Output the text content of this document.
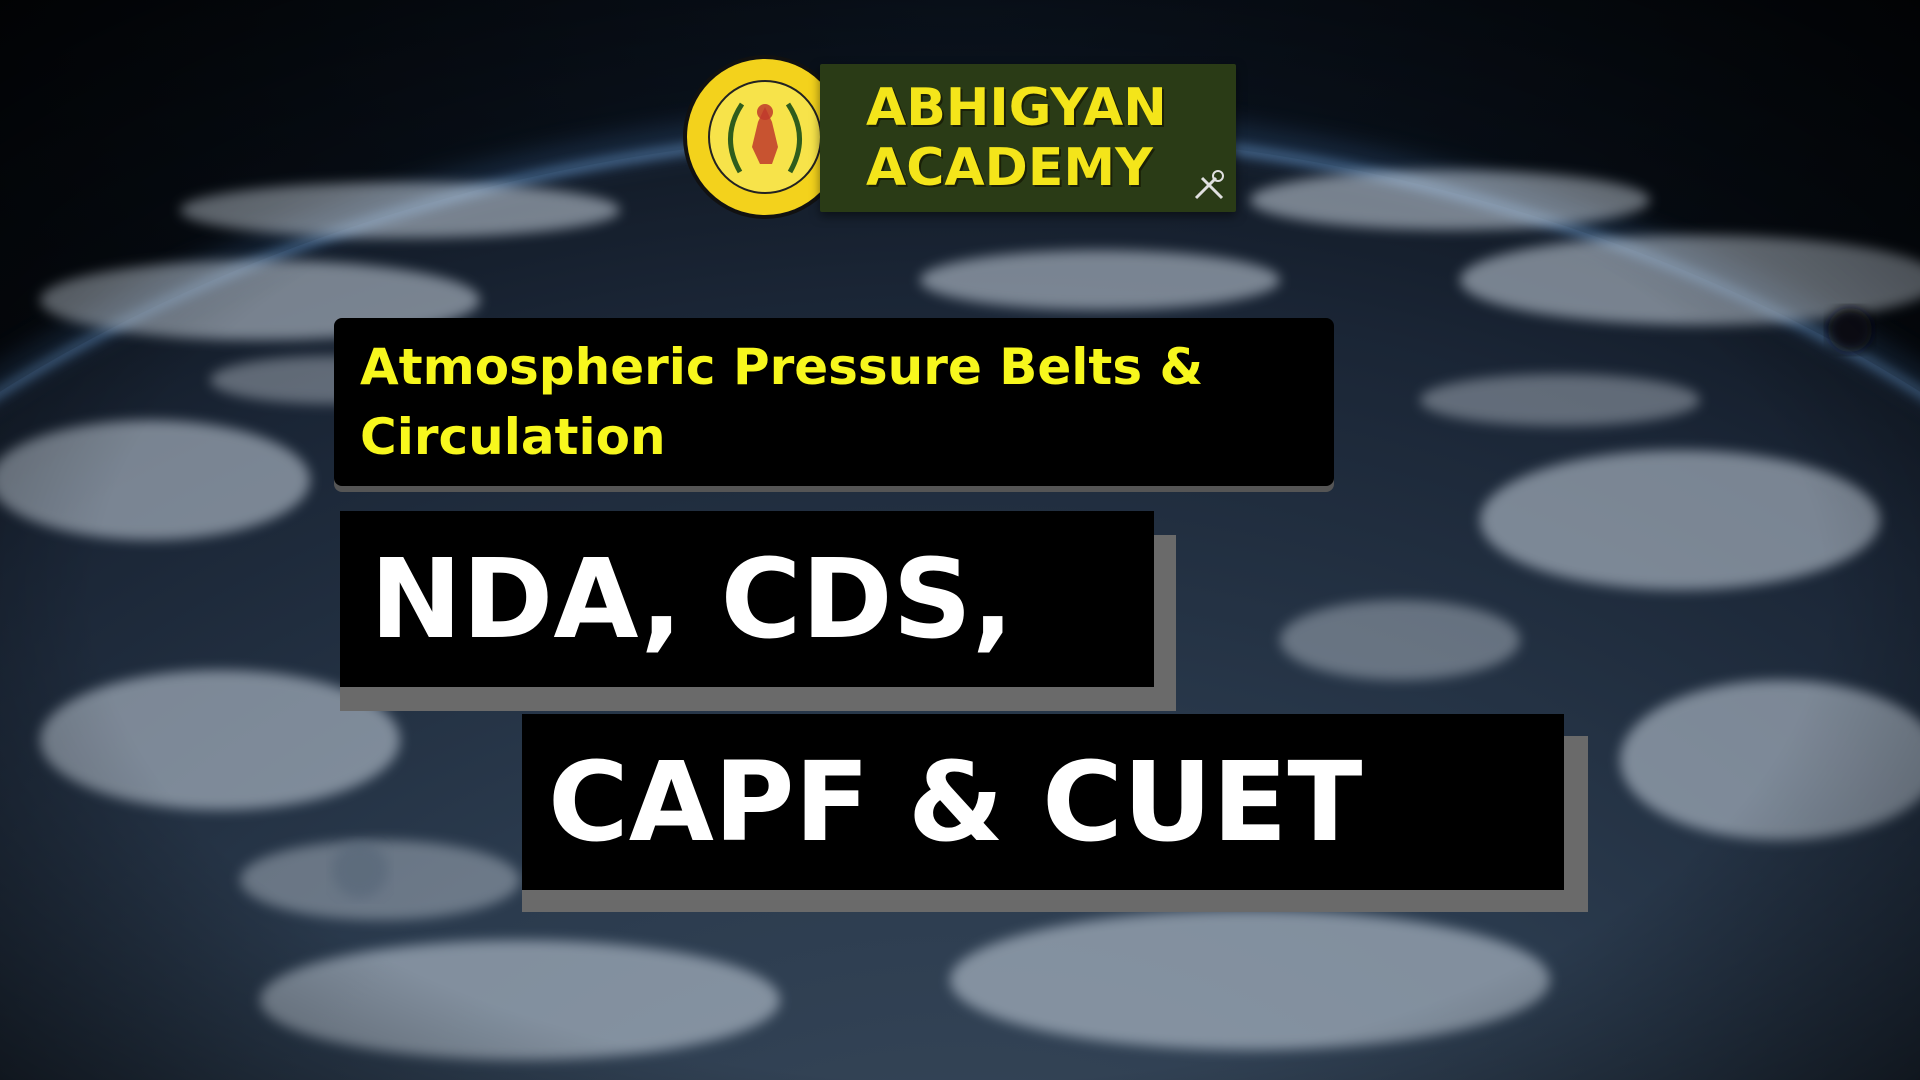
ABHIGYAN
ACADEMY

Atmospheric Pressure Belts &

Circulation

NDA, CDS,
CAPF & CUET
